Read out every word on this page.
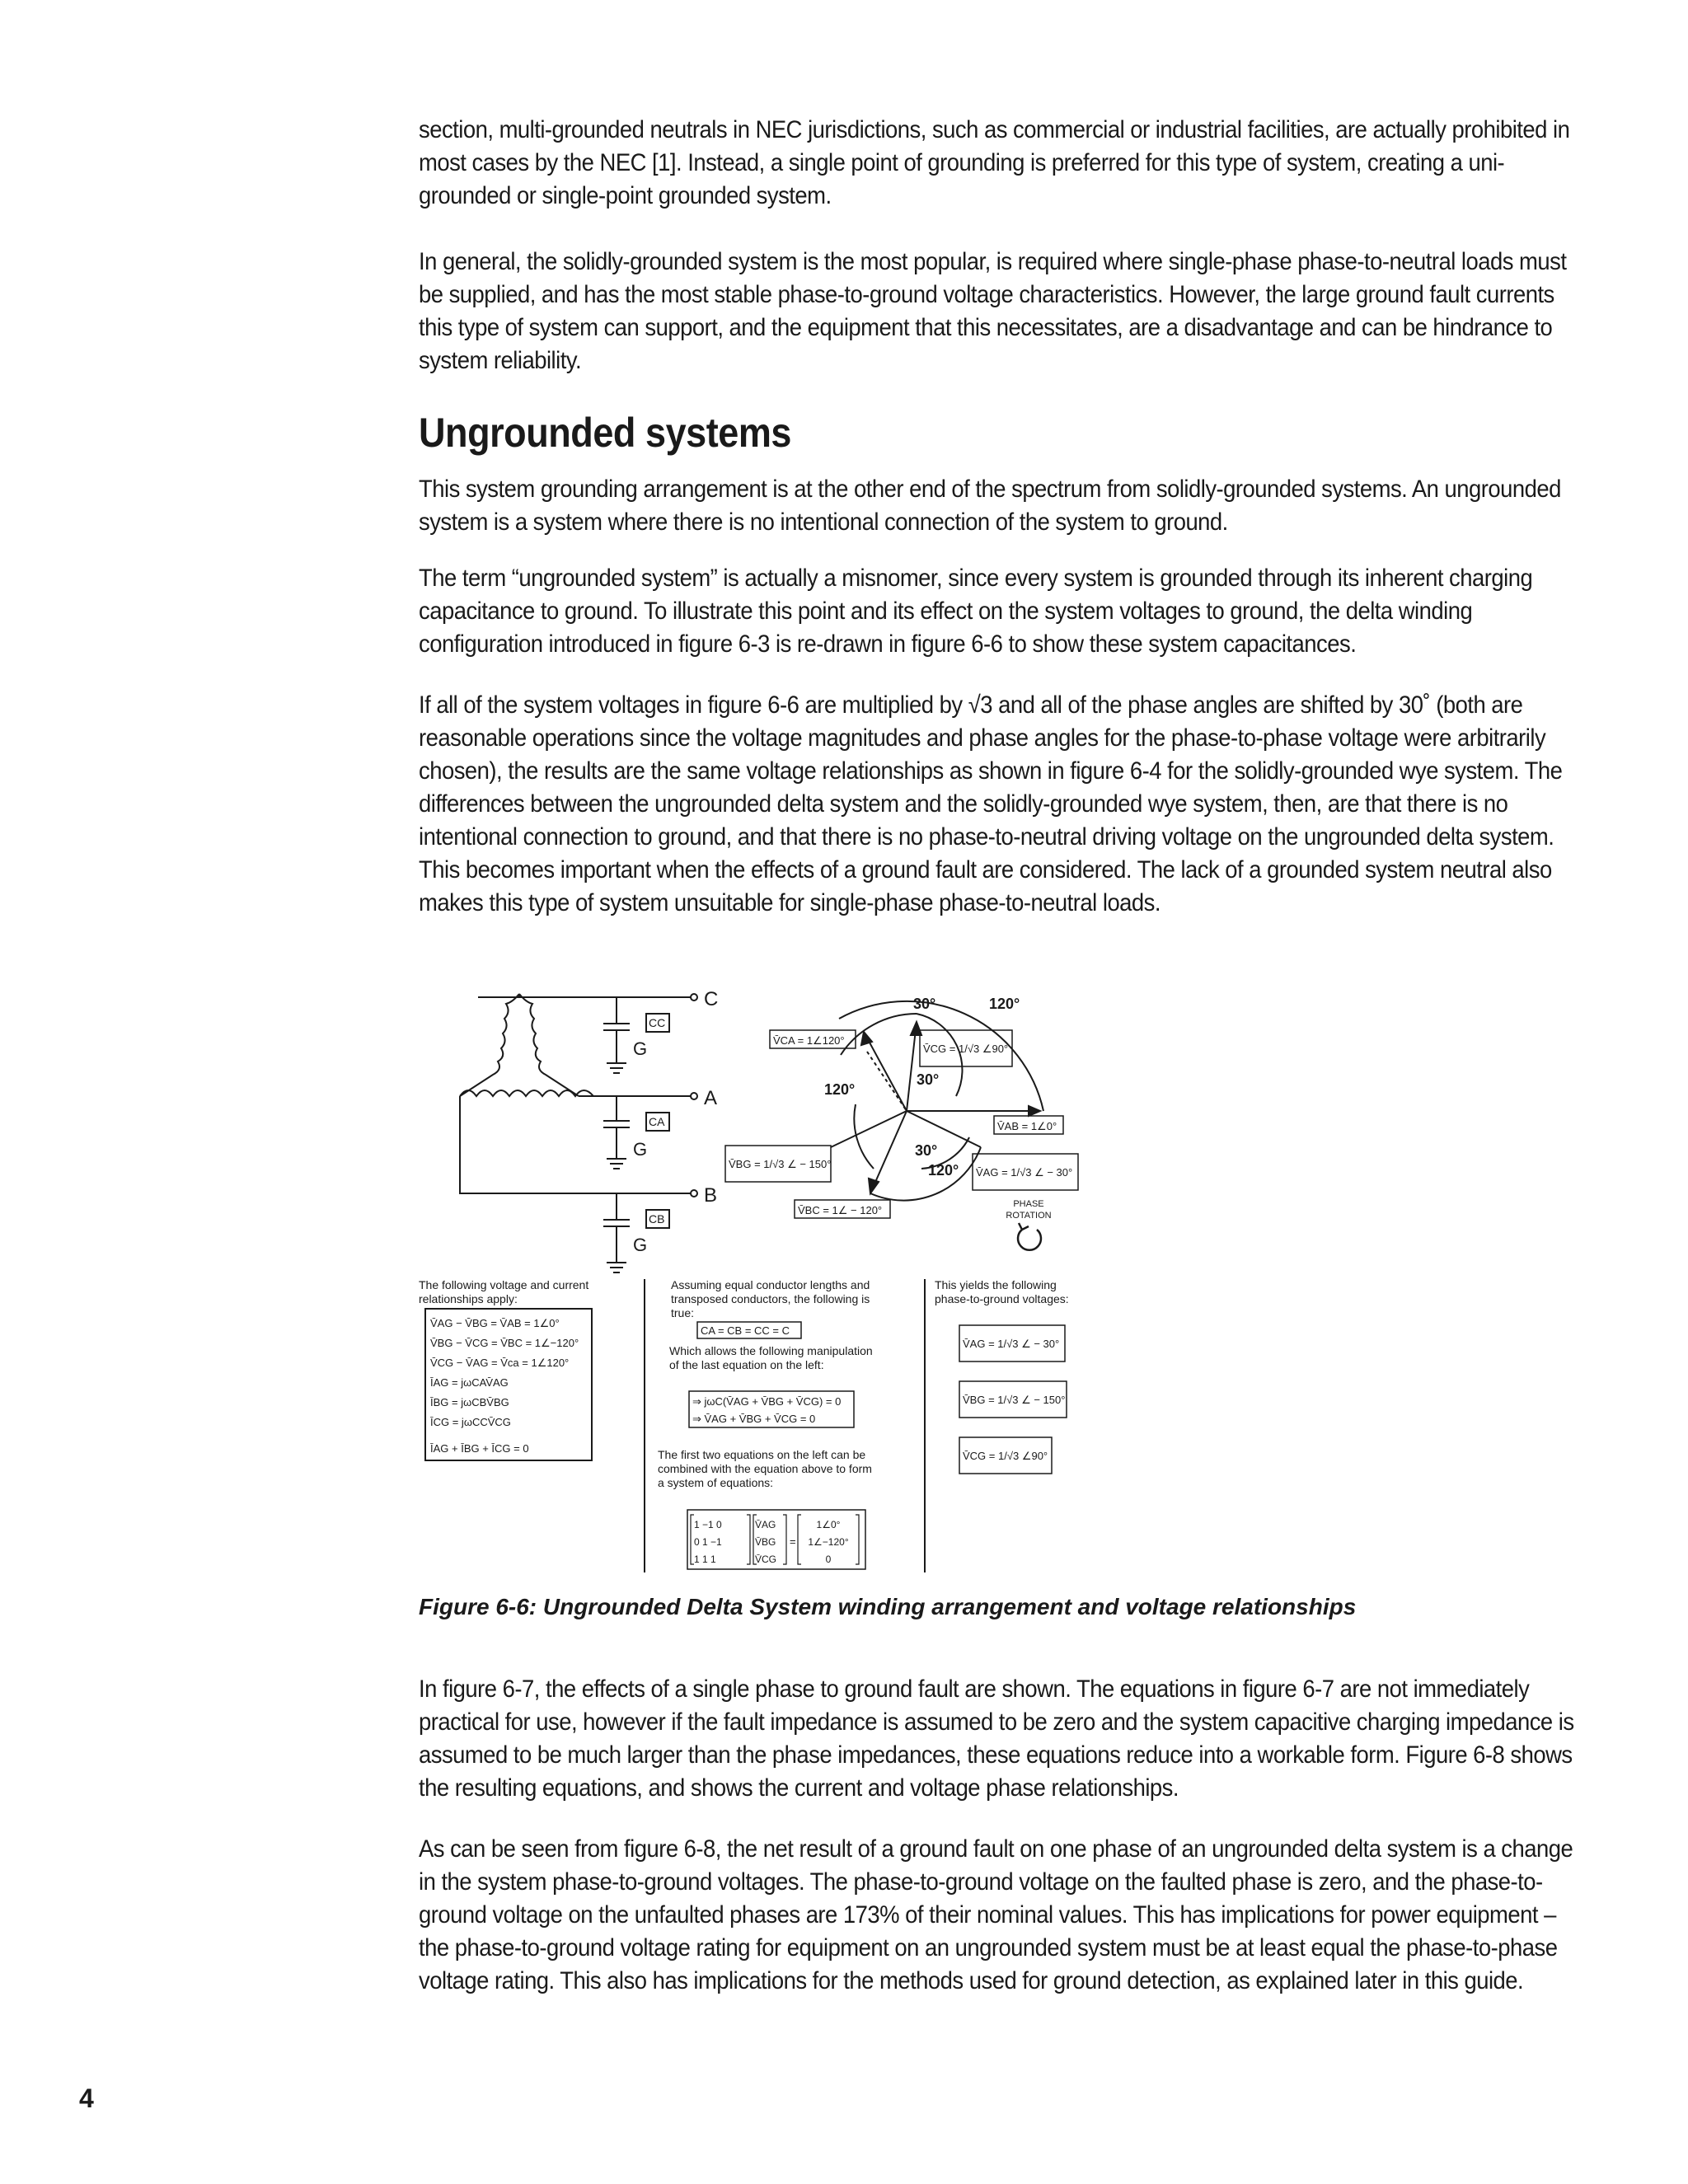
section, multi-grounded neutrals in NEC jurisdictions, such as commercial or industrial facilities, are actually prohibited in most cases by the NEC [1]. Instead, a single point of grounding is preferred for this type of system, creating a uni-grounded or single-point grounded system.

In general, the solidly-grounded system is the most popular, is required where single-phase phase-to-neutral loads must be supplied, and has the most stable phase-to-ground voltage characteristics. However, the large ground fault currents this type of system can support, and the equipment that this necessitates, are a disadvantage and can be hindrance to system reliability.

Ungrounded systems

This system grounding arrangement is at the other end of the spectrum from solidly-grounded systems. An ungrounded system is a system where there is no intentional connection of the system to ground.

The term “ungrounded system” is actually a misnomer, since every system is grounded through its inherent charging capacitance to ground. To illustrate this point and its effect on the system voltages to ground, the delta winding configuration introduced in figure 6-3 is re-drawn in figure 6-6 to show these system capacitances.

If all of the system voltages in figure 6-6 are multiplied by √3 and all of the phase angles are shifted by 30˚ (both are reasonable operations since the voltage magnitudes and phase angles for the phase-to-phase voltage were arbitrarily chosen), the results are the same voltage relationships as shown in figure 6-4 for the solidly-grounded wye system. The differences between the ungrounded delta system and the solidly-grounded wye system, then, are that there is no intentional connection to ground, and that there is no phase-to-neutral driving voltage on the ungrounded delta system. This becomes important when the effects of a ground fault are considered. The lack of a grounded system neutral also makes this type of system unsuitable for single-phase phase-to-neutral loads.

C
A
B
CC
CA
CB
G
G
G
30°	120°
30°
120°
30°
120°
V̄CA = 1∠120°
V̄CG = 1/√3 ∠90°
V̄AB = 1∠0°
V̄AG = 1/√3 ∠ − 30°
V̄BG = 1/√3 ∠ − 150°
V̄BC = 1∠ − 120°	PHASE
ROTATION
The following voltage and current
relationships apply:
V̄AG − V̄BG = V̄AB = 1∠0°
V̄BG − V̄CG = V̄BC = 1∠−120°
V̄CG − V̄AG = V̄ca = 1∠120°
ĪAG = jωCAV̄AG
ĪBG = jωCBV̄BG
ĪCG = jωCCV̄CG
ĪAG + ĪBG + ĪCG = 0
Assuming equal conductor lengths and
transposed conductors, the following is
true:
CA = CB = CC = C
Which allows the following manipulation
of the last equation on the left:
⇒ jωC(V̄AG + V̄BG + V̄CG) = 0
⇒ V̄AG + V̄BG + V̄CG = 0
The first two equations on the left can be
combined with the equation above to form
a system of equations:
1 −1 0
0 1 −1
1 1 1
V̄AG
V̄BG
V̄CG
=
1∠0°
1∠−120°
0
This yields the following
phase-to-ground voltages:
V̄AG = 1/√3 ∠ − 30°
V̄BG = 1/√3 ∠ − 150°
V̄CG = 1/√3 ∠90°
Figure 6-6: Ungrounded Delta System winding arrangement and voltage relationships

In figure 6-7, the effects of a single phase to ground fault are shown. The equations in figure 6-7 are not immediately practical for use, however if the fault impedance is assumed to be zero and the system capacitive charging impedance is assumed to be much larger than the phase impedances, these equations reduce into a workable form. Figure 6-8 shows the resulting equations, and shows the current and voltage phase relationships.

As can be seen from figure 6-8, the net result of a ground fault on one phase of an ungrounded delta system is a change in the system phase-to-ground voltages. The phase-to-ground voltage on the faulted phase is zero, and the phase-to-ground voltage on the unfaulted phases are 173% of their nominal values. This has implications for power equipment – the phase-to-ground voltage rating for equipment on an ungrounded system must be at least equal the phase-to-phase voltage rating. This also has implications for the methods used for ground detection, as explained later in this guide.

4
